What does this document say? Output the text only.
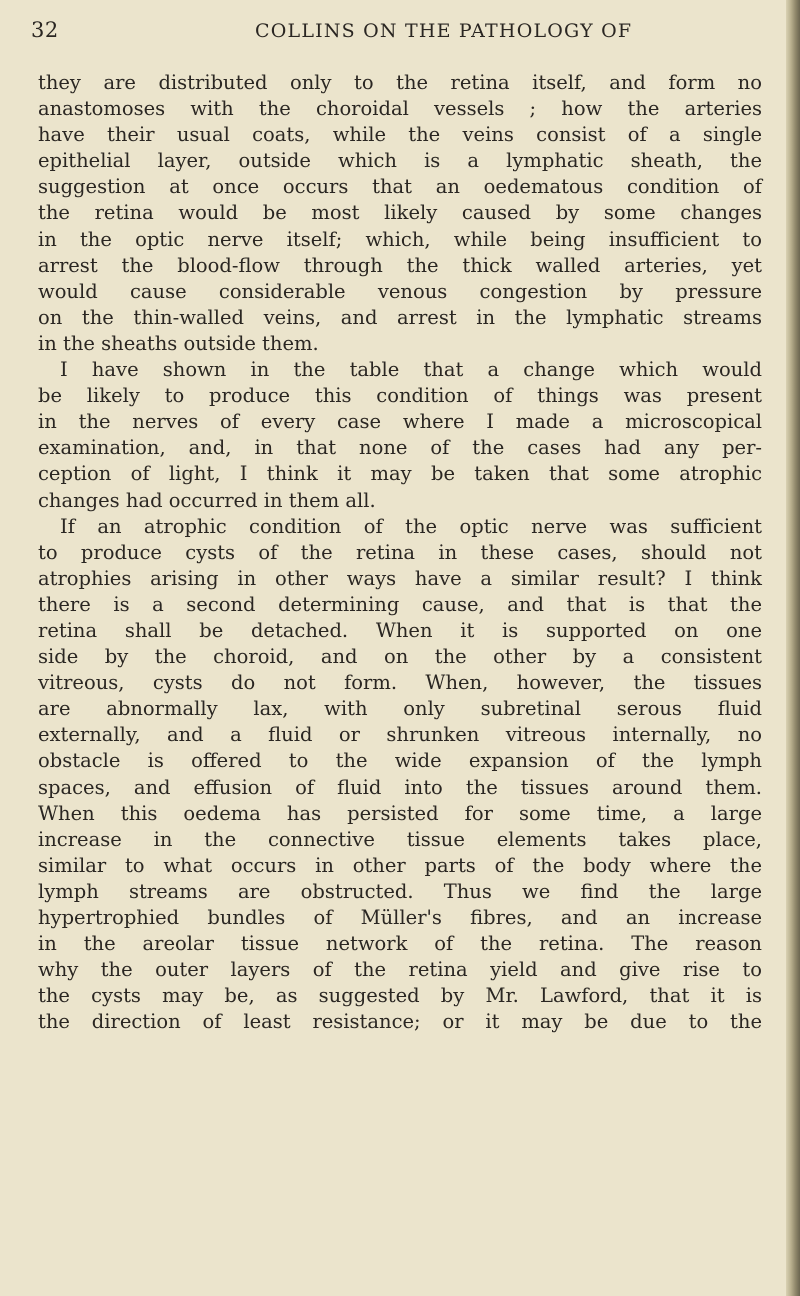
32	COLLINS ON THE PATHOLOGY OF
they are distributed only to the retina itself, and form no
anastomoses with the choroidal vessels ; how the arteries
have their usual coats, while the veins consist of a single
epithelial layer, outside which is a lymphatic sheath, the
suggestion at once occurs that an oedematous condition of
the retina would be most likely caused by some changes
in the optic nerve itself; which, while being insufficient to
arrest the blood-flow through the thick walled arteries, yet
would cause considerable venous congestion by pressure
on the thin-walled veins, and arrest in the lymphatic streams
in the sheaths outside them.
I have shown in the table that a change which would
be likely to produce this condition of things was present
in the nerves of every case where I made a microscopical
examination, and, in that none of the cases had any per-
ception of light, I think it may be taken that some atrophic
changes had occurred in them all.
If an atrophic condition of the optic nerve was sufficient
to produce cysts of the retina in these cases, should not
atrophies arising in other ways have a similar result? I think
there is a second determining cause, and that is that the
retina shall be detached. When it is supported on one
side by the choroid, and on the other by a consistent
vitreous, cysts do not form. When, however, the tissues
are abnormally lax, with only subretinal serous fluid
externally, and a fluid or shrunken vitreous internally, no
obstacle is offered to the wide expansion of the lymph
spaces, and effusion of fluid into the tissues around them.
When this oedema has persisted for some time, a large
increase in the connective tissue elements takes place,
similar to what occurs in other parts of the body where the
lymph streams are obstructed. Thus we find the large
hypertrophied bundles of Müller's fibres, and an increase
in the areolar tissue network of the retina. The reason
why the outer layers of the retina yield and give rise to
the cysts may be, as suggested by Mr. Lawford, that it is
the direction of least resistance; or it may be due to the
